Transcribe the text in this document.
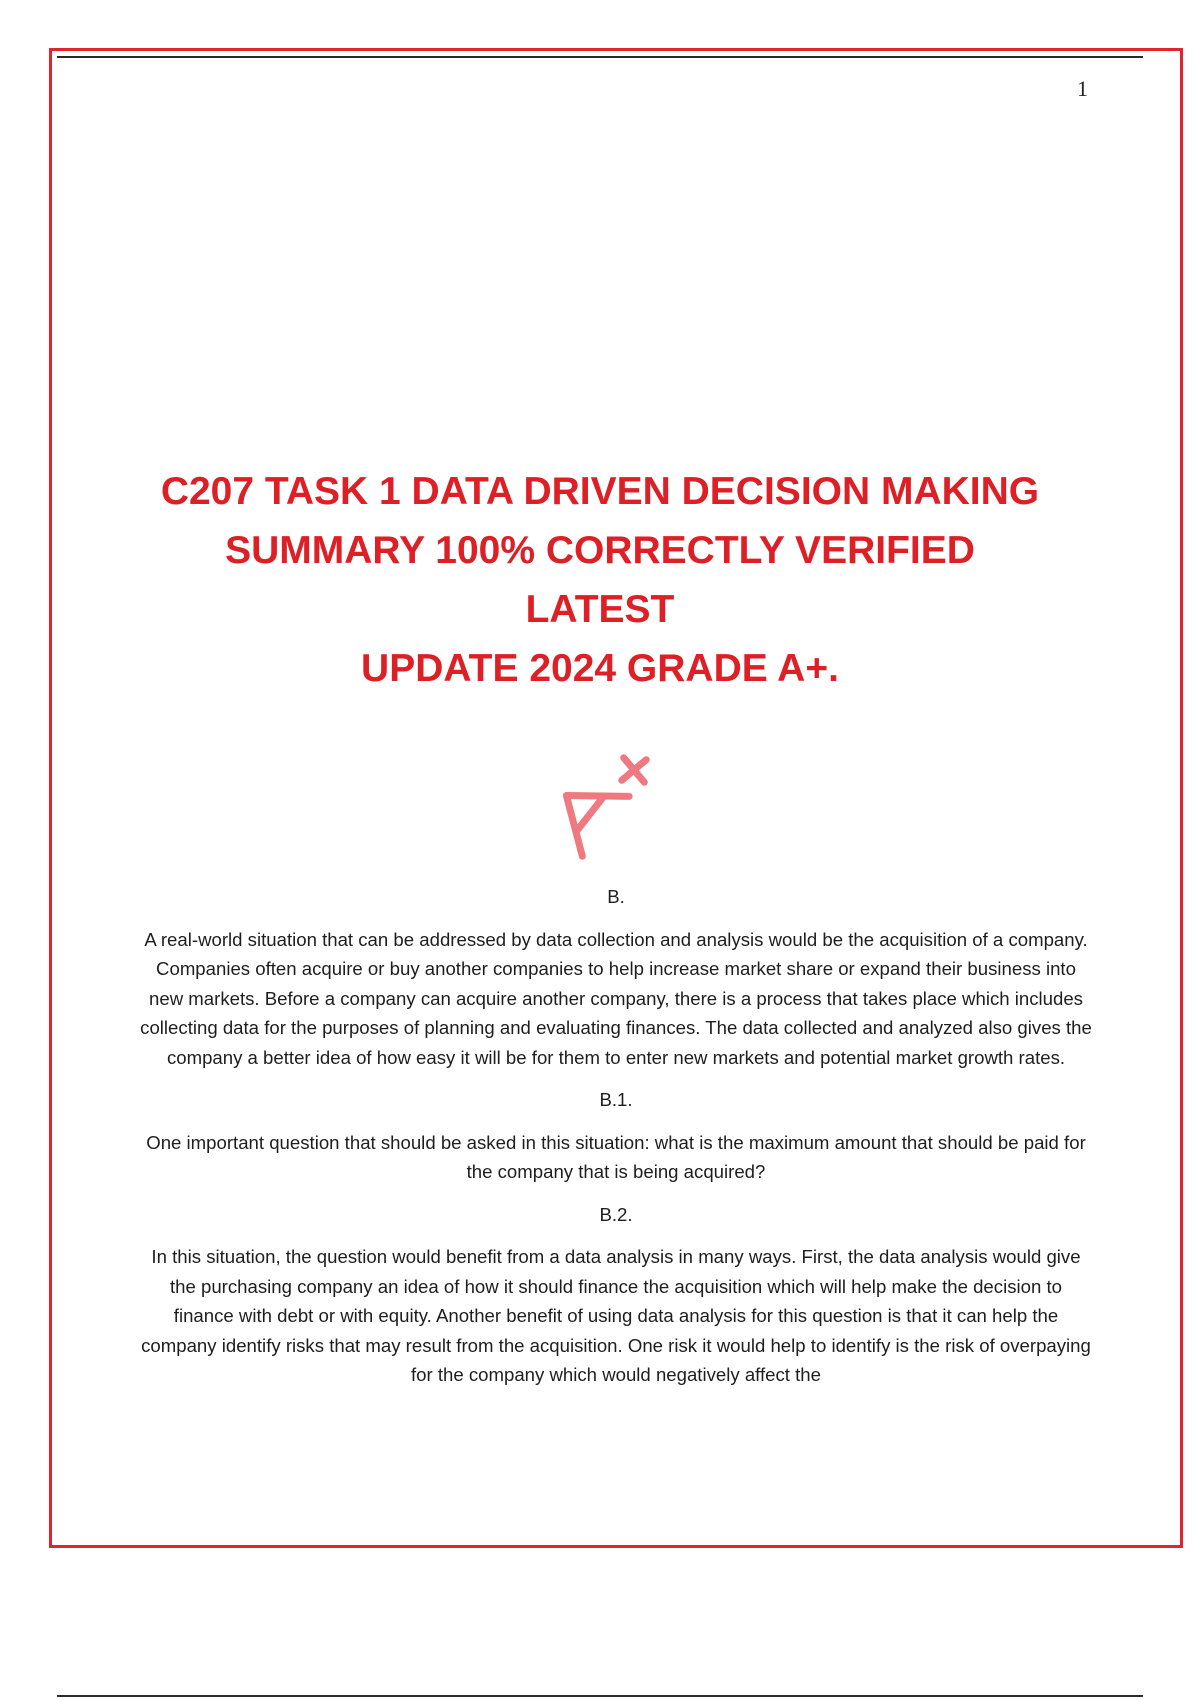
1
C207 TASK 1 DATA DRIVEN DECISION MAKING
SUMMARY 100% CORRECTLY VERIFIED LATEST
UPDATE 2024 GRADE A+.
B.

A real-world situation that can be addressed by data collection and analysis would be the acquisition of a company. Companies often acquire or buy another companies to help increase market share or expand their business into new markets. Before a company can acquire another company, there is a process that takes place which includes collecting data for the purposes of planning and evaluating finances. The data collected and analyzed also gives the company a better idea of how easy it will be for them to enter new markets and potential market growth rates.

B.1.

One important question that should be asked in this situation: what is the maximum amount that should be paid for the company that is being acquired?

B.2.

In this situation, the question would benefit from a data analysis in many ways. First, the data analysis would give the purchasing company an idea of how it should finance the acquisition which will help make the decision to finance with debt or with equity. Another benefit of using data analysis for this question is that it can help the company identify risks that may result from the acquisition. One risk it would help to identify is the risk of overpaying for the company which would negatively affect the
